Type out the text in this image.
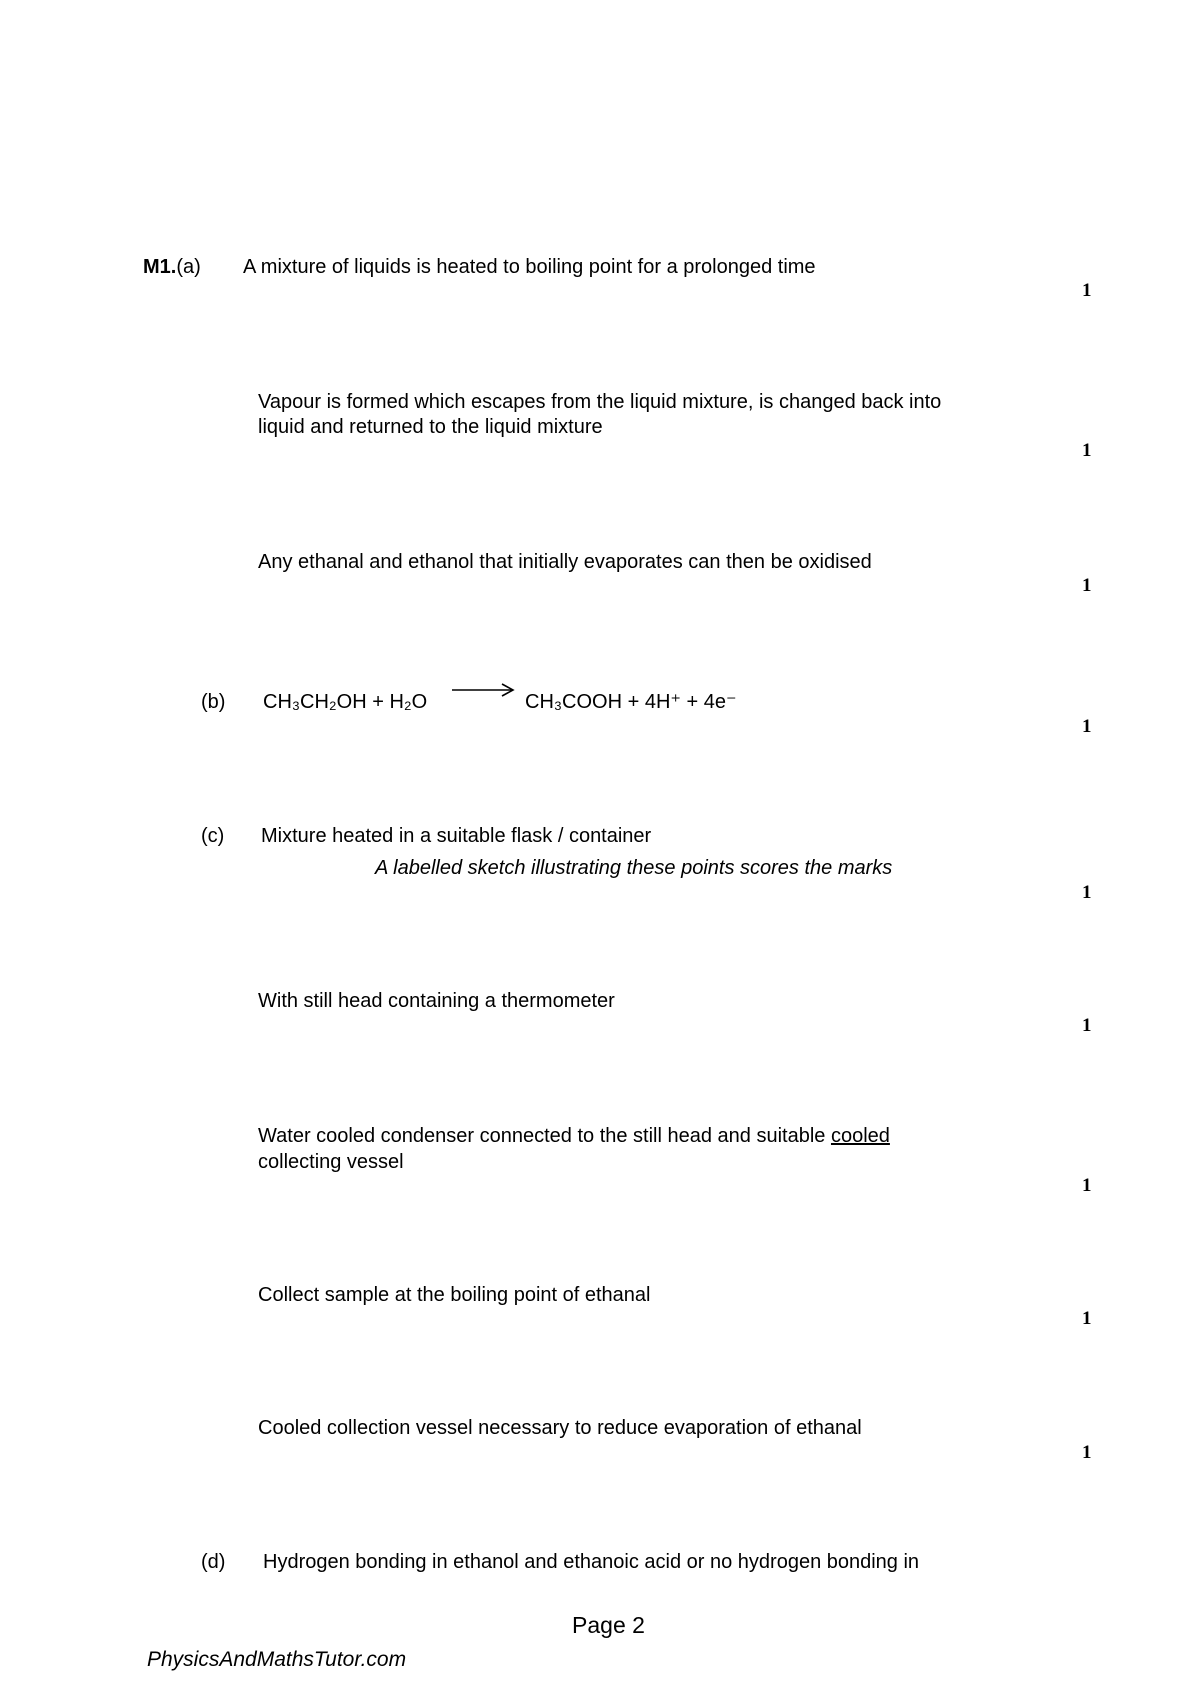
M1.(a) A mixture of liquids is heated to boiling point for a prolonged time
1
Vapour is formed which escapes from the liquid mixture, is changed back into
liquid and returned to the liquid mixture
1
Any ethanal and ethanol that initially evaporates can then be oxidised
1
(b) CH₃CH₂OH + H₂O	CH₃COOH + 4H⁺ + 4e⁻
1
(c) Mixture heated in a suitable flask / container
A labelled sketch illustrating these points scores the marks
1
With still head containing a thermometer
1
Water cooled condenser connected to the still head and suitable cooled
collecting vessel
1
Collect sample at the boiling point of ethanal
1
Cooled collection vessel necessary to reduce evaporation of ethanal
1
(d) Hydrogen bonding in ethanol and ethanoic acid or no hydrogen bonding in
Page 2
PhysicsAndMathsTutor.com
